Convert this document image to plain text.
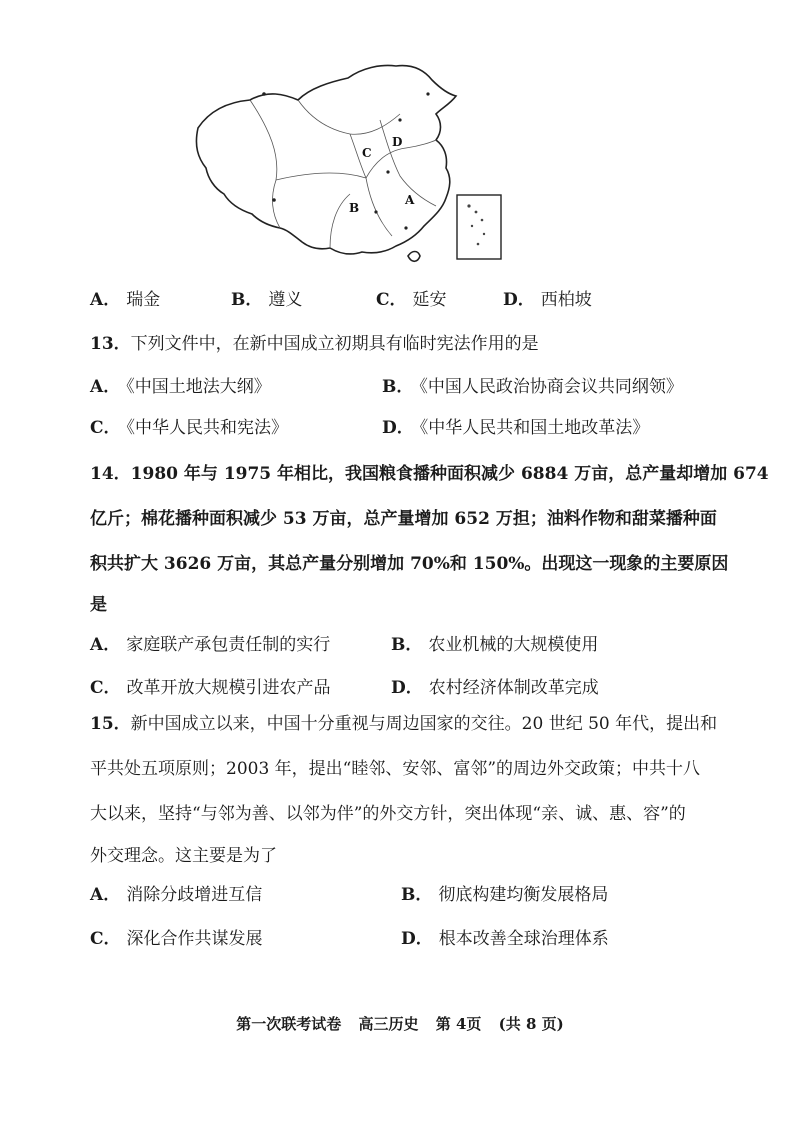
A
B
C
D
A． 瑞金	B． 遵义	C． 延安	D． 西柏坡
13．下列文件中，在新中国成立初期具有临时宪法作用的是
A． 《中国土地法大纲》	B． 《中国人民政治协商会议共同纲领》
C． 《中华人民共和宪法》	D． 《中华人民共和国土地改革法》
14．1980 年与 1975 年相比，我国粮食播种面积减少 6884 万亩，总产量却增加 674
亿斤；棉花播种面积减少 53 万亩，总产量增加 652 万担；油料作物和甜菜播种面
积共扩大 3626 万亩，其总产量分别增加 70%和 150%。出现这一现象的主要原因
是
A． 家庭联产承包责任制的实行	B． 农业机械的大规模使用
C． 改革开放大规模引进农产品	D． 农村经济体制改革完成
15．新中国成立以来，中国十分重视与周边国家的交往。20 世纪 50 年代，提出和
平共处五项原则；2003 年，提出“睦邻、安邻、富邻”的周边外交政策；中共十八
大以来，坚持“与邻为善、以邻为伴”的外交方针，突出体现“亲、诚、惠、容”的
外交理念。这主要是为了
A． 消除分歧增进互信	B． 彻底构建均衡发展格局
C． 深化合作共谋发展	D． 根本改善全球治理体系
第一次联考试卷 高三历史 第 4页 (共 8 页)
